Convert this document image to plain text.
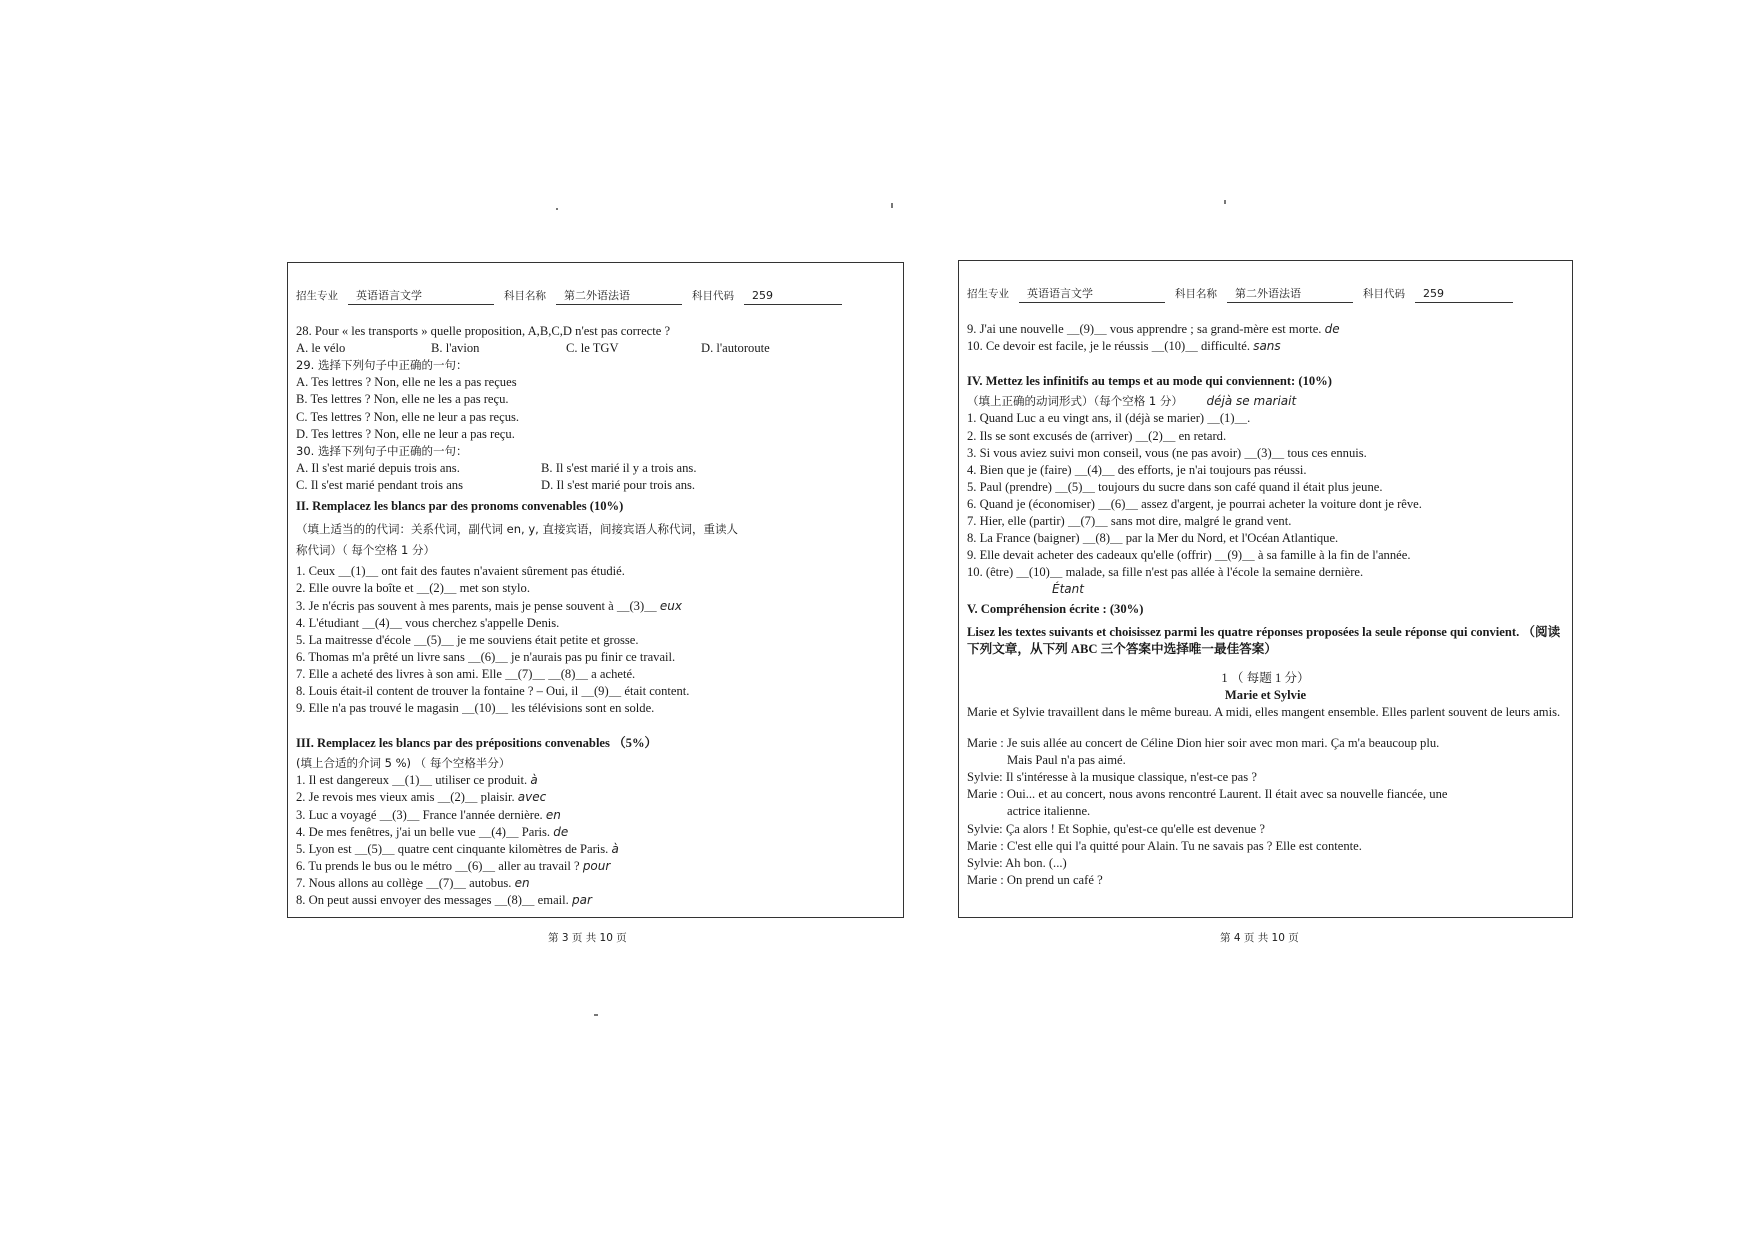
招生专业	英语语言文学	科目名称	第二外语法语	科目代码	259
28. Pour « les transports » quelle proposition, A,B,C,D n'est pas correcte ?
A. le vélo	B. l'avion	C. le TGV	D. l'autoroute
29. 选择下列句子中正确的一句：
A. Tes lettres ? Non, elle ne les a pas reçues
B. Tes lettres ? Non, elle ne les a pas reçu.
C. Tes lettres ? Non, elle ne leur a pas reçus.
D. Tes lettres ? Non, elle ne leur a pas reçu.
30. 选择下列句子中正确的一句：
A. Il s'est marié depuis trois ans.	B. Il s'est marié il y a trois ans.
C. Il s'est marié pendant trois ans	D. Il s'est marié pour trois ans.
II. Remplacez les blancs par des pronoms convenables (10%)
（填上适当的的代词：关系代词，副代词 en, y, 直接宾语，间接宾语人称代词，重读人
称代词）（ 每个空格 1 分）
1. Ceux ＿(1)＿ ont fait des fautes n'avaient sûrement pas étudié.
2. Elle ouvre la boîte et ＿(2)＿ met son stylo.
3. Je n'écris pas souvent à mes parents, mais je pense souvent à ＿(3)＿ eux
4. L'étudiant ＿(4)＿ vous cherchez s'appelle Denis.
5. La maitresse d'école ＿(5)＿ je me souviens était petite et grosse.
6. Thomas m'a prêté un livre sans ＿(6)＿ je n'aurais pas pu finir ce travail.
7. Elle a acheté des livres à son ami. Elle ＿(7)＿ ＿(8)＿ a acheté.
8. Louis était-il content de trouver la fontaine ? – Oui, il ＿(9)＿ était content.
9. Elle n'a pas trouvé le magasin ＿(10)＿ les télévisions sont en solde.
III. Remplacez les blancs par des prépositions convenables （5%）
(填上合适的介词 5 %) （ 每个空格半分）
1. Il est dangereux ＿(1)＿ utiliser ce produit. à
2. Je revois mes vieux amis ＿(2)＿ plaisir. avec
3. Luc a voyagé ＿(3)＿ France l'année dernière. en
4. De mes fenêtres, j'ai un belle vue ＿(4)＿ Paris. de
5. Lyon est ＿(5)＿ quatre cent cinquante kilomètres de Paris. à
6. Tu prends le bus ou le métro ＿(6)＿ aller au travail ? pour
7. Nous allons au collège ＿(7)＿ autobus. en
8. On peut aussi envoyer des messages ＿(8)＿ email. par
招生专业	英语语言文学	科目名称	第二外语法语	科目代码	259
9. J'ai une nouvelle ＿(9)＿ vous apprendre ; sa grand-mère est morte. de
10. Ce devoir est facile, je le réussis ＿(10)＿ difficulté. sans
IV. Mettez les infinitifs au temps et au mode qui conviennent: (10%)
（填上正确的动词形式）（每个空格 1 分） déjà se mariait
1. Quand Luc a eu vingt ans, il (déjà se marier) ＿(1)＿.
2. Ils se sont excusés de (arriver) ＿(2)＿ en retard.
3. Si vous aviez suivi mon conseil, vous (ne pas avoir) ＿(3)＿ tous ces ennuis.
4. Bien que je (faire) ＿(4)＿ des efforts, je n'ai toujours pas réussi.
5. Paul (prendre) ＿(5)＿ toujours du sucre dans son café quand il était plus jeune.
6. Quand je (économiser) ＿(6)＿ assez d'argent, je pourrai acheter la voiture dont je rêve.
7. Hier, elle (partir) ＿(7)＿ sans mot dire, malgré le grand vent.
8. La France (baigner) ＿(8)＿ par la Mer du Nord, et l'Océan Atlantique.
9. Elle devait acheter des cadeaux qu'elle (offrir) ＿(9)＿ à sa famille à la fin de l'année.
10. (être) ＿(10)＿ malade, sa fille n'est pas allée à l'école la semaine dernière.
Étant
V. Compréhension écrite : (30%)
Lisez les textes suivants et choisissez parmi les quatre réponses proposées la seule réponse qui convient. （阅读下列文章，从下列 ABC 三个答案中选择唯一最佳答案）
1 （ 每题 1 分）
Marie et Sylvie
Marie et Sylvie travaillent dans le même bureau. A midi, elles mangent ensemble. Elles parlent souvent de leurs amis.
Marie : Je suis allée au concert de Céline Dion hier soir avec mon mari. Ça m'a beaucoup plu.
Mais Paul n'a pas aimé.
Sylvie: Il s'intéresse à la musique classique, n'est-ce pas ?
Marie : Oui... et au concert, nous avons rencontré Laurent. Il était avec sa nouvelle fiancée, une
actrice italienne.
Sylvie: Ça alors ! Et Sophie, qu'est-ce qu'elle est devenue ?
Marie : C'est elle qui l'a quitté pour Alain. Tu ne savais pas ? Elle est contente.
Sylvie: Ah bon. (...)
Marie : On prend un café ?
第 3 页 共 10 页	第 4 页 共 10 页
